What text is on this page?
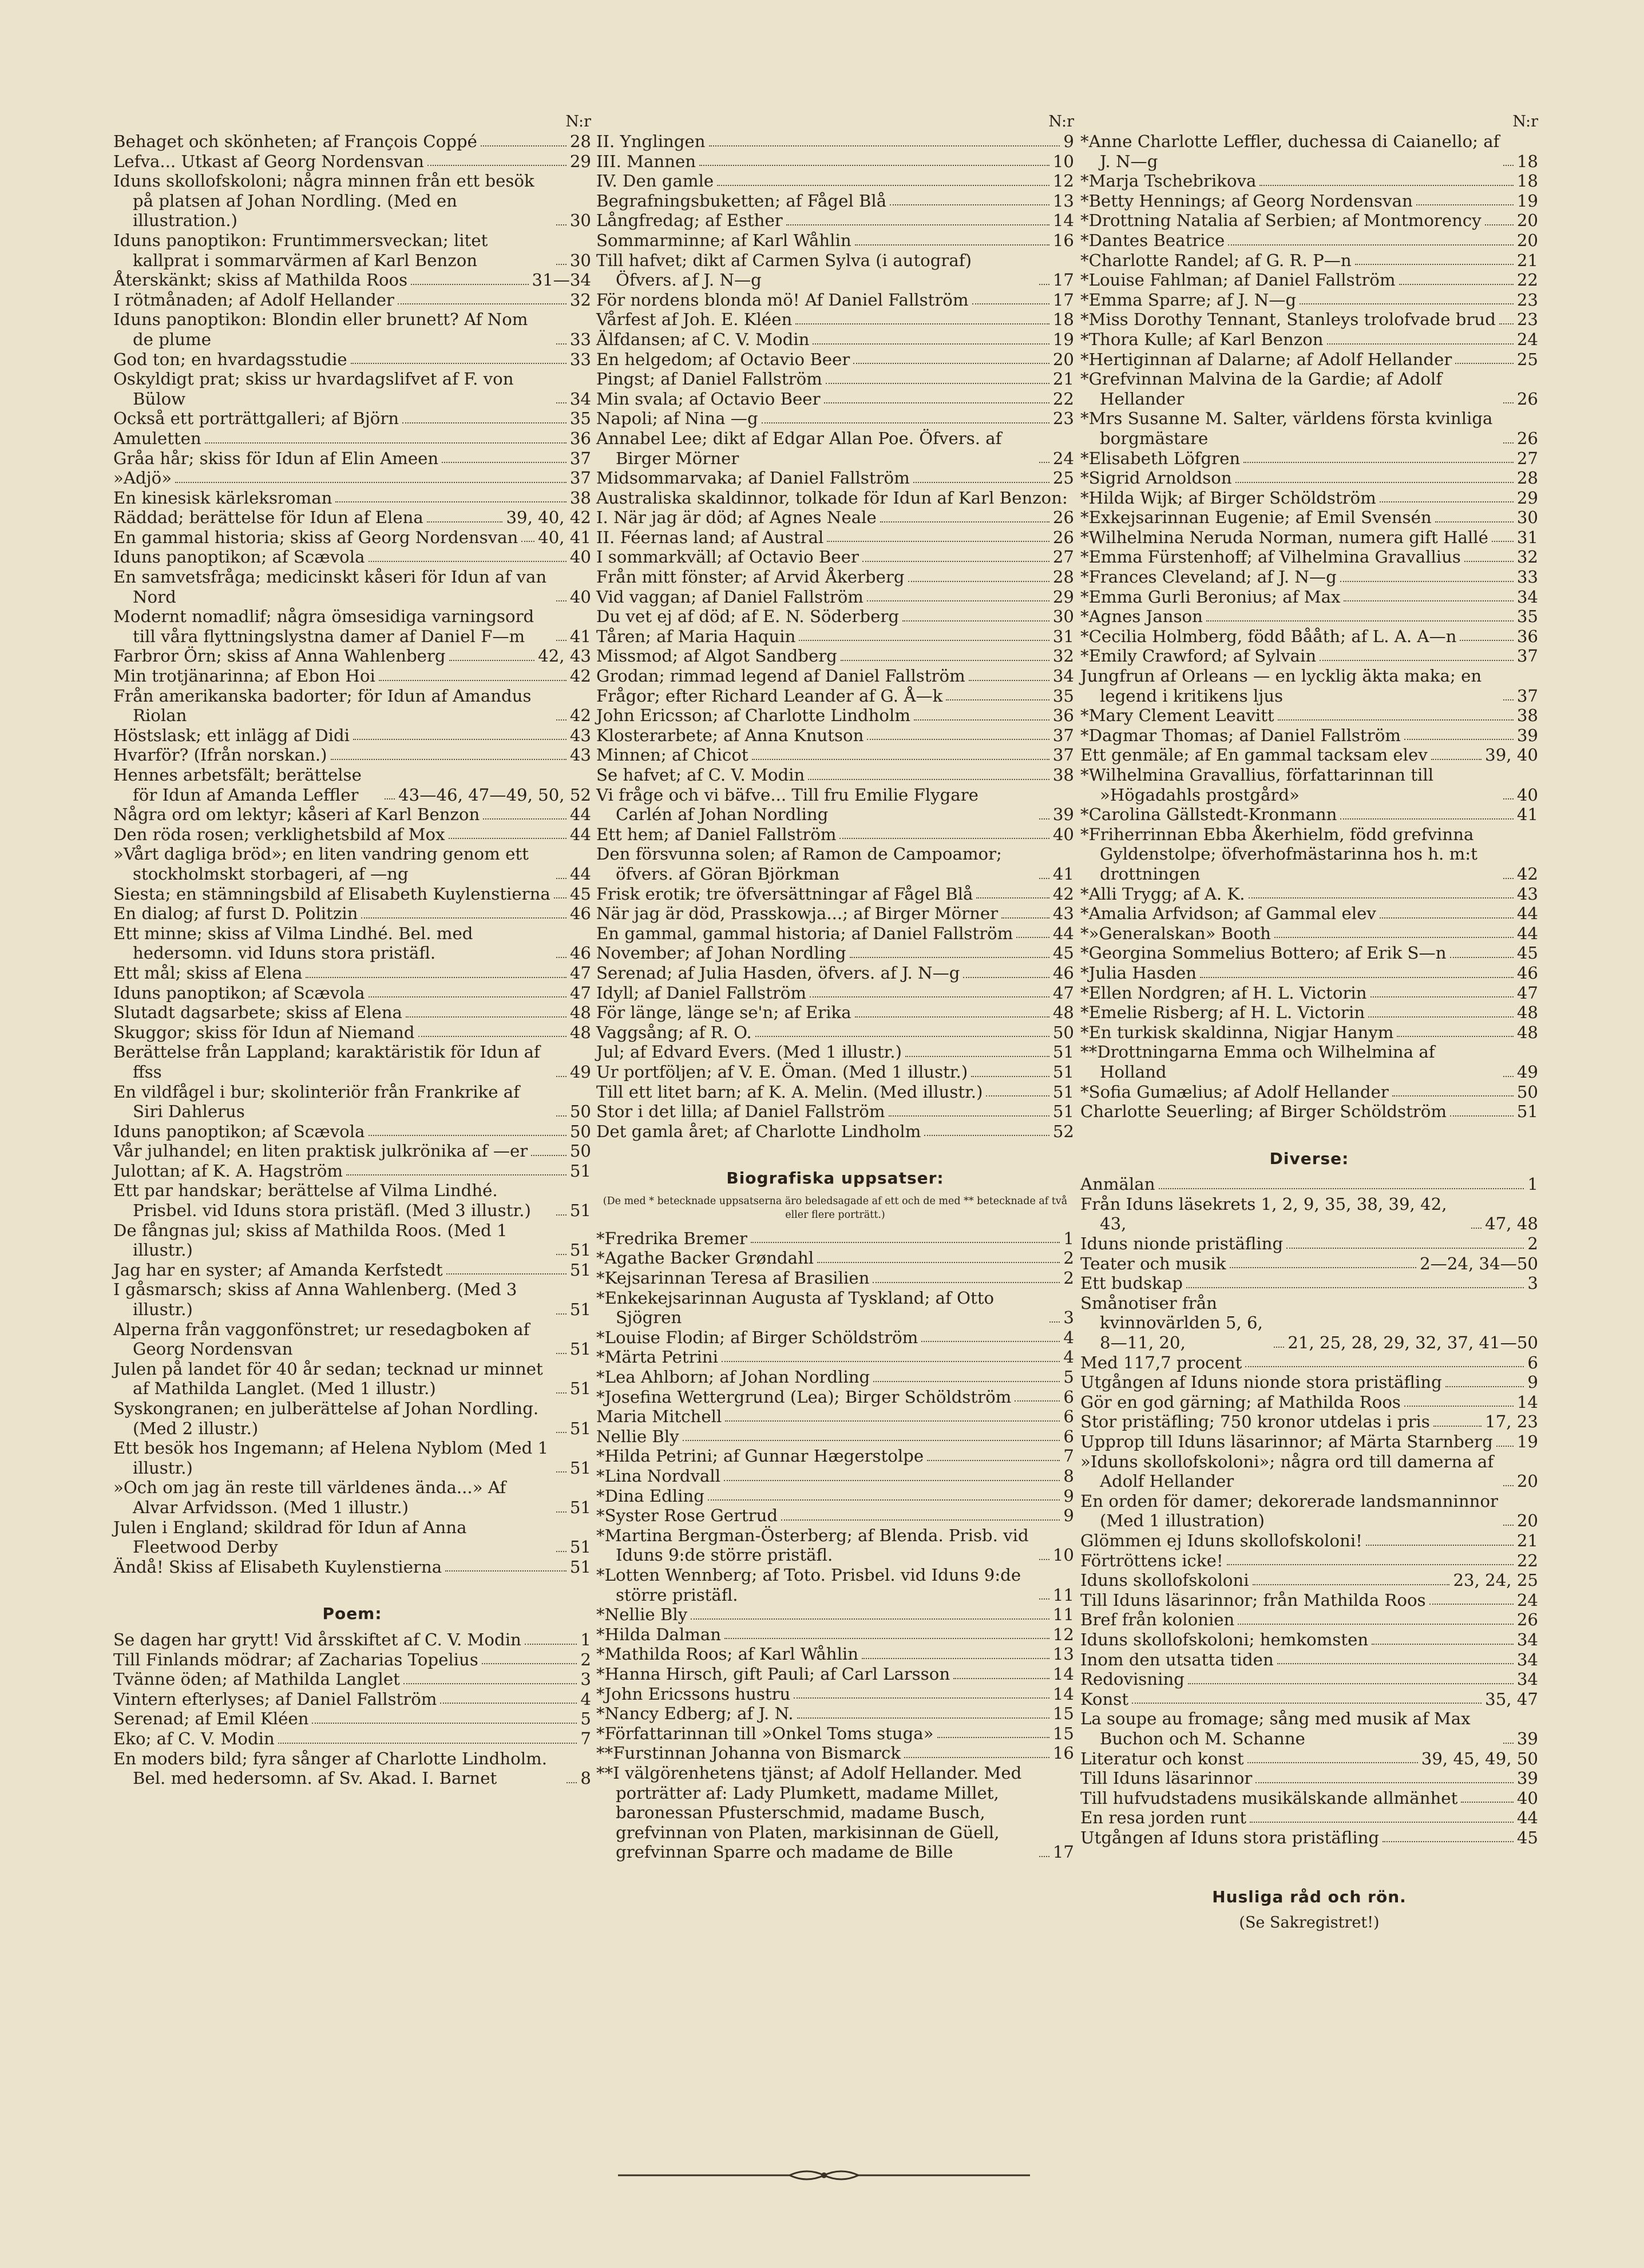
N:r
Behaget och skönheten; af François Coppé	28
Lefva... Utkast af Georg Nordensvan	29
Iduns skollofskoloni; några minnen från ett besök på platsen af Johan Nordling. (Med en illustration.)	30
Iduns panoptikon: Fruntimmersveckan; litet kallprat i sommarvärmen af Karl Benzon	30
Återskänkt; skiss af Mathilda Roos	31—34
I rötmånaden; af Adolf Hellander	32
Iduns panoptikon: Blondin eller brunett? Af Nom de plume	33
God ton; en hvardagsstudie	33
Oskyldigt prat; skiss ur hvardagslifvet af F. von Bülow	34
Också ett porträttgalleri; af Björn	35
Amuletten	36
Gråa hår; skiss för Idun af Elin Ameen	37
»Adjö»	37
En kinesisk kärleksroman	38
Räddad; berättelse för Idun af Elena	39, 40, 42
En gammal historia; skiss af Georg Nordensvan 40, 41
Iduns panoptikon; af Scævola	40
En samvetsfråga; medicinskt kåseri för Idun af van Nord	40
Modernt nomadlif; några ömsesidiga varningsord till våra flyttningslystna damer af Daniel F—m	41
Farbror Örn; skiss af Anna Wahlenberg	42, 43
Min trotjänarinna; af Ebon Hoi	42
Från amerikanska badorter; för Idun af Amandus Riolan	42
Höstslask; ett inlägg af Didi	43
Hvarför? (Ifrån norskan.)	43
Hennes arbetsfält; berättelse för Idun af Amanda Leffler	43—46, 47—49, 50, 52
Några ord om lektyr; kåseri af Karl Benzon	44
Den röda rosen; verklighetsbild af Mox	44
»Vårt dagliga bröd»; en liten vandring genom ett stockholmskt storbageri, af —ng	44
Siesta; en stämningsbild af Elisabeth Kuylenstierna 45
En dialog; af furst D. Politzin	46
Ett minne; skiss af Vilma Lindhé. Bel. med hedersomn. vid Iduns stora pristäfl.	46
Ett mål; skiss af Elena	47
Iduns panoptikon; af Scævola	47
Slutadt dagsarbete; skiss af Elena	48
Skuggor; skiss för Idun af Niemand	48
Berättelse från Lappland; karaktäristik för Idun af ffss	49
En vildfågel i bur; skolinteriör från Frankrike af Siri Dahlerus	50
Iduns panoptikon; af Scævola	50
Vår julhandel; en liten praktisk julkrönika af —er	50
Julottan; af K. A. Hagström	51
Ett par handskar; berättelse af Vilma Lindhé. Prisbel. vid Iduns stora pristäfl. (Med 3 illustr.)	51
De fångnas jul; skiss af Mathilda Roos. (Med 1 illustr.)	51
Jag har en syster; af Amanda Kerfstedt	51
I gåsmarsch; skiss af Anna Wahlenberg. (Med 3 illustr.)	51
Alperna från vaggonfönstret; ur resedagboken af Georg Nordensvan	51
Julen på landet för 40 år sedan; tecknad ur minnet af Mathilda Langlet. (Med 1 illustr.)	51
Syskongranen; en julberättelse af Johan Nordling. (Med 2 illustr.)	51
Ett besök hos Ingemann; af Helena Nyblom (Med 1 illustr.)	51
»Och om jag än reste till världenes ända...» Af Alvar Arfvidsson. (Med 1 illustr.)	51
Julen i England; skildrad för Idun af Anna Fleetwood Derby	51
Ändå! Skiss af Elisabeth Kuylenstierna	51
Poem:
Se dagen har grytt! Vid årsskiftet af C. V. Modin	1
Till Finlands mödrar; af Zacharias Topelius	2
Tvänne öden; af Mathilda Langlet	3
Vintern efterlyses; af Daniel Fallström	4
Serenad; af Emil Kléen	5
Eko; af C. V. Modin	7
En moders bild; fyra sånger af Charlotte Lindholm. Bel. med hedersomn. af Sv. Akad. I. Barnet	8
N:r
II. Ynglingen	9
III. Mannen	10
IV. Den gamle	12
Begrafningsbuketten; af Fågel Blå	13
Långfredag; af Esther	14
Sommarminne; af Karl Wåhlin	16
Till hafvet; dikt af Carmen Sylva (i autograf) Öfvers. af J. N—g	17
För nordens blonda mö! Af Daniel Fallström	17
Vårfest af Joh. E. Kléen	18
Älfdansen; af C. V. Modin	19
En helgedom; af Octavio Beer	20
Pingst; af Daniel Fallström	21
Min svala; af Octavio Beer	22
Napoli; af Nina —g	23
Annabel Lee; dikt af Edgar Allan Poe. Öfvers. af Birger Mörner	24
Midsommarvaka; af Daniel Fallström	25
Australiska skaldinnor, tolkade för Idun af Karl Benzon:
I. När jag är död; af Agnes Neale	26
II. Féernas land; af Austral	26
I sommarkväll; af Octavio Beer	27
Från mitt fönster; af Arvid Åkerberg	28
Vid vaggan; af Daniel Fallström	29
Du vet ej af död; af E. N. Söderberg	30
Tåren; af Maria Haquin	31
Missmod; af Algot Sandberg	32
Grodan; rimmad legend af Daniel Fallström	34
Frågor; efter Richard Leander af G. Å—k	35
John Ericsson; af Charlotte Lindholm	36
Klosterarbete; af Anna Knutson	37
Minnen; af Chicot	37
Se hafvet; af C. V. Modin	38
Vi fråge och vi bäfve... Till fru Emilie Flygare Carlén af Johan Nordling	39
Ett hem; af Daniel Fallström	40
Den försvunna solen; af Ramon de Campoamor; öfvers. af Göran Björkman	41
Frisk erotik; tre öfversättningar af Fågel Blå	42
När jag är död, Prasskowja...; af Birger Mörner	43
En gammal, gammal historia; af Daniel Fallström 44
November; af Johan Nordling	45
Serenad; af Julia Hasden, öfvers. af J. N—g	46
Idyll; af Daniel Fallström	47
För länge, länge se'n; af Erika	48
Vaggsång; af R. O.	50
Jul; af Edvard Evers. (Med 1 illustr.)	51
Ur portföljen; af V. E. Öman. (Med 1 illustr.)	51
Till ett litet barn; af K. A. Melin. (Med illustr.)	51
Stor i det lilla; af Daniel Fallström	51
Det gamla året; af Charlotte Lindholm	52
Biografiska uppsatser:
(De med * betecknade uppsatserna äro beledsagade af ett och de med ** betecknade af två eller flere porträtt.)
*Fredrika Bremer	1
*Agathe Backer Grøndahl	2
*Kejsarinnan Teresa af Brasilien	2
*Enkekejsarinnan Augusta af Tyskland; af Otto Sjögren	3
*Louise Flodin; af Birger Schöldström	4
*Märta Petrini	4
*Lea Ahlborn; af Johan Nordling	5
*Josefina Wettergrund (Lea); Birger Schöldström	6
Maria Mitchell	6
Nellie Bly	6
*Hilda Petrini; af Gunnar Hægerstolpe	7
*Lina Nordvall	8
*Dina Edling	9
*Syster Rose Gertrud	9
*Martina Bergman-Österberg; af Blenda. Prisb. vid Iduns 9:de större pristäfl.	10
*Lotten Wennberg; af Toto. Prisbel. vid Iduns 9:de större pristäfl.	11
*Nellie Bly	11
*Hilda Dalman	12
*Mathilda Roos; af Karl Wåhlin	13
*Hanna Hirsch, gift Pauli; af Carl Larsson	14
*John Ericssons hustru	14
*Nancy Edberg; af J. N.	15
*Författarinnan till »Onkel Toms stuga»	15
**Furstinnan Johanna von Bismarck	16
**I välgörenhetens tjänst; af Adolf Hellander. Med porträtter af: Lady Plumkett, madame Millet, baronessan Pfusterschmid, madame Busch, grefvinnan von Platen, markisinnan de Güell, grefvinnan Sparre och madame de Bille	17
N:r
*Anne Charlotte Leffler, duchessa di Caianello; af J. N—g	18
*Marja Tschebrikova	18
*Betty Hennings; af Georg Nordensvan	19
*Drottning Natalia af Serbien; af Montmorency 20
*Dantes Beatrice	20
*Charlotte Randel; af G. R. P—n	21
*Louise Fahlman; af Daniel Fallström	22
*Emma Sparre; af J. N—g	23
*Miss Dorothy Tennant, Stanleys trolofvade brud 23
*Thora Kulle; af Karl Benzon	24
*Hertiginnan af Dalarne; af Adolf Hellander	25
*Grefvinnan Malvina de la Gardie; af Adolf Hellander	26
*Mrs Susanne M. Salter, världens första kvinliga borgmästare	26
*Elisabeth Löfgren	27
*Sigrid Arnoldson	28
*Hilda Wijk; af Birger Schöldström	29
*Exkejsarinnan Eugenie; af Emil Svensén	30
*Wilhelmina Neruda Norman, numera gift Hallé 31
*Emma Fürstenhoff; af Vilhelmina Gravallius	32
*Frances Cleveland; af J. N—g	33
*Emma Gurli Beronius; af Max	34
*Agnes Janson	35
*Cecilia Holmberg, född Bååth; af L. A. A—n	36
*Emily Crawford; af Sylvain	37
Jungfrun af Orleans — en lycklig äkta maka; en legend i kritikens ljus	37
*Mary Clement Leavitt	38
*Dagmar Thomas; af Daniel Fallström	39
Ett genmäle; af En gammal tacksam elev	39, 40
*Wilhelmina Gravallius, författarinnan till »Högadahls prostgård»	40
*Carolina Gällstedt-Kronmann	41
*Friherrinnan Ebba Åkerhielm, född grefvinna Gyldenstolpe; öfverhofmästarinna hos h. m:t drottningen	42
*Alli Trygg; af A. K.	43
*Amalia Arfvidson; af Gammal elev	44
*»Generalskan» Booth	44
*Georgina Sommelius Bottero; af Erik S—n	45
*Julia Hasden	46
*Ellen Nordgren; af H. L. Victorin	47
*Emelie Risberg; af H. L. Victorin	48
*En turkisk skaldinna, Nigjar Hanym	48
**Drottningarna Emma och Wilhelmina af Holland	49
*Sofia Gumælius; af Adolf Hellander	50
Charlotte Seuerling; af Birger Schöldström	51
Diverse:
Anmälan	1
Från Iduns läsekrets 1, 2, 9, 35, 38, 39, 42, 43,	47, 48
Iduns nionde pristäfling	2
Teater och musik	2—24, 34—50
Ett budskap	3
Smånotiser från kvinnovärlden 5, 6, 8—11, 20,	21, 25, 28, 29, 32, 37, 41—50
Med 117,7 procent	6
Utgången af Iduns nionde stora pristäfling	9
Gör en god gärning; af Mathilda Roos	14
Stor pristäfling; 750 kronor utdelas i pris	17, 23
Upprop till Iduns läsarinnor; af Märta Starnberg 19
»Iduns skollofskoloni»; några ord till damerna af Adolf Hellander	20
En orden för damer; dekorerade landsmanninnor (Med 1 illustration)	20
Glömmen ej Iduns skollofskoloni!	21
Förtröttens icke!	22
Iduns skollofskoloni	23, 24, 25
Till Iduns läsarinnor; från Mathilda Roos	24
Bref från kolonien	26
Iduns skollofskoloni; hemkomsten	34
Inom den utsatta tiden	34
Redovisning	34
Konst	35, 47
La soupe au fromage; sång med musik af Max Buchon och M. Schanne	39
Literatur och konst	39, 45, 49, 50
Till Iduns läsarinnor	39
Till hufvudstadens musikälskande allmänhet	40
En resa jorden runt	44
Utgången af Iduns stora pristäfling	45
Husliga råd och rön.
(Se Sakregistret!)
